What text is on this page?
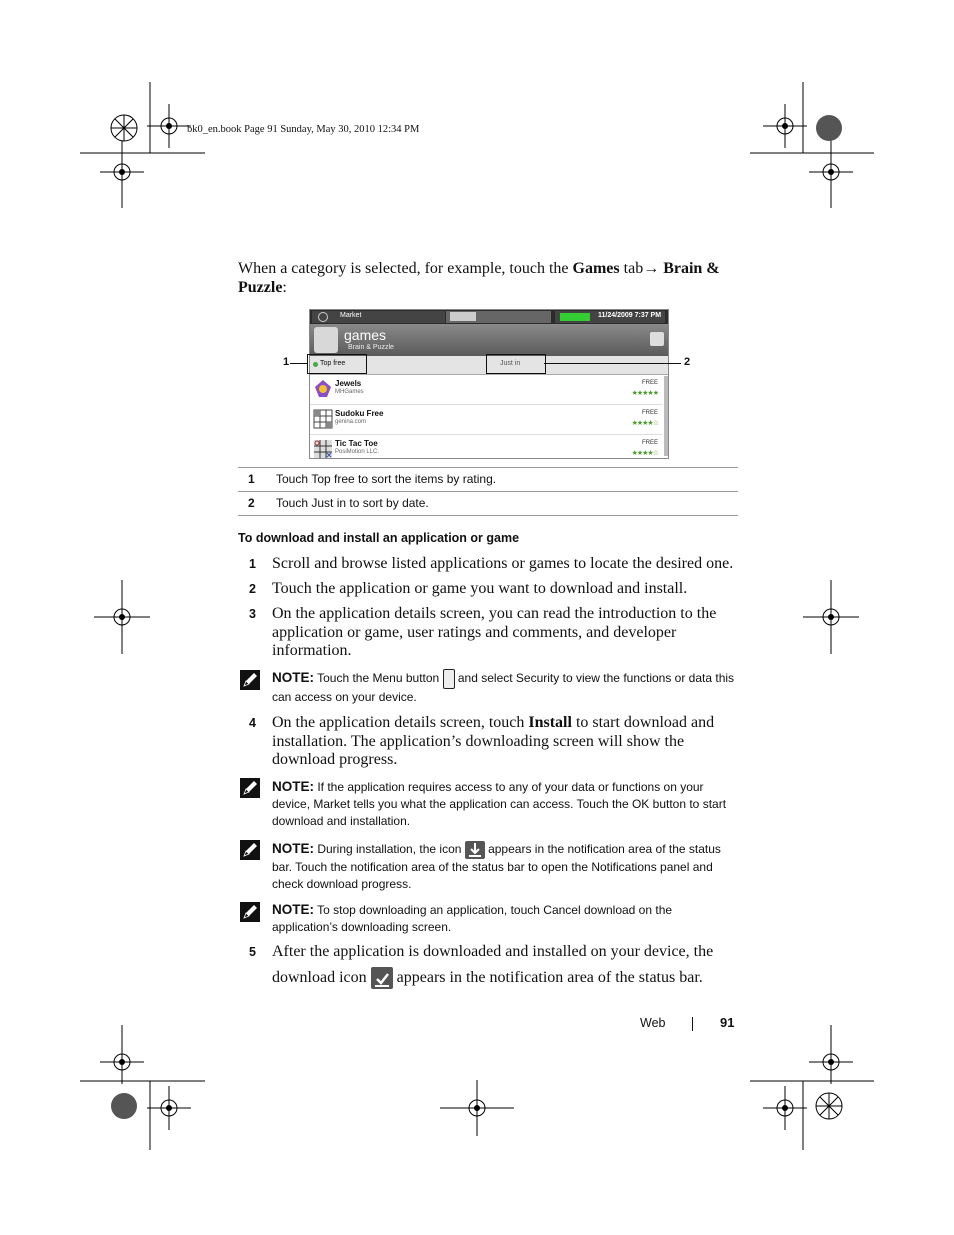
bk0_en.book Page 91 Sunday, May 30, 2010 12:34 PM
When a category is selected, for example, touch the Games tab→ Brain &
Puzzle:
Market	11/24/2009 7:37 PM
games
Brain & Puzzle
Top free	Just in
Jewels
MHGames
FREE
★★★★★
Sudoku Free
genina.com
FREE
★★★★☆
Tic Tac Toe
PosiMotion LLC.
FREE
★★★★☆
1	2
1 Touch Top free to sort the items by rating.
2 Touch Just in to sort by date.
To download and install an application or game
1 Scroll and browse listed applications or games to locate the desired one.
2 Touch the application or game you want to download and install.
3 On the application details screen, you can read the introduction to the application or game, user ratings and comments, and developer information.
NOTE: Touch the Menu button  and select Security to view the functions or data this can access on your device.
4 On the application details screen, touch Install to start download and installation. The application’s downloading screen will show the download progress.
NOTE: If the application requires access to any of your data or functions on your device, Market tells you what the application can access. Touch the OK button to start download and installation.
NOTE: During installation, the icon  appears in the notification area of the status bar. Touch the notification area of the status bar to open the Notifications panel and check download progress.
NOTE: To stop downloading an application, touch Cancel download on the application’s downloading screen.
5 After the application is downloaded and installed on your device, the
download icon  appears in the notification area of the status bar.
Web	91
